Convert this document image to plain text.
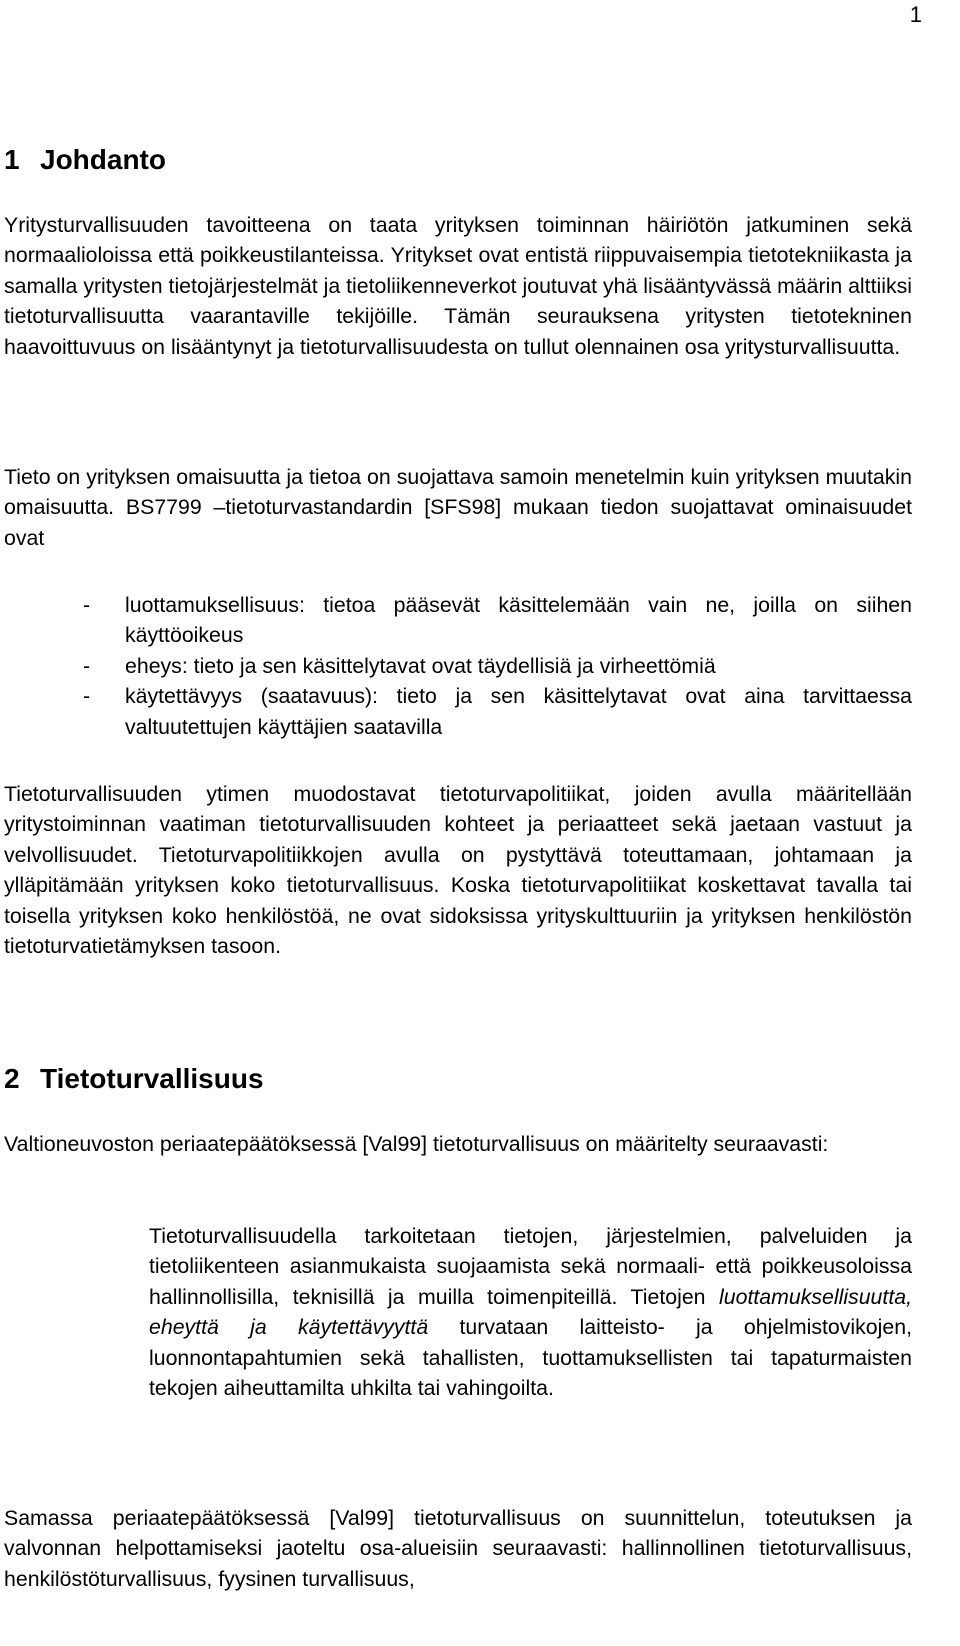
1
1 Johdanto

Yritysturvallisuuden tavoitteena on taata yrityksen toiminnan häiriötön jatkuminen sekä normaalioloissa että poikkeustilanteissa. Yritykset ovat entistä riippuvaisempia tietotekniikasta ja samalla yritysten tietojärjestelmät ja tietoliikenneverkot joutuvat yhä lisääntyvässä määrin alttiiksi tietoturvallisuutta vaarantaville tekijöille. Tämän seurauksena yritysten tietotekninen haavoittuvuus on lisääntynyt ja tietoturvallisuudesta on tullut olennainen osa yritysturvallisuutta.

Tieto on yrityksen omaisuutta ja tietoa on suojattava samoin menetelmin kuin yrityksen muutakin omaisuutta. BS7799 –tietoturvastandardin [SFS98] mukaan tiedon suojattavat ominaisuudet ovat

- luottamuksellisuus: tietoa pääsevät käsittelemään vain ne, joilla on siihen käyttöoikeus
- eheys: tieto ja sen käsittelytavat ovat täydellisiä ja virheettömiä
- käytettävyys (saatavuus): tieto ja sen käsittelytavat ovat aina tarvittaessa valtuutettujen käyttäjien saatavilla

Tietoturvallisuuden ytimen muodostavat tietoturvapolitiikat, joiden avulla määritellään yritystoiminnan vaatiman tietoturvallisuuden kohteet ja periaatteet sekä jaetaan vastuut ja velvollisuudet. Tietoturvapolitiikkojen avulla on pystyttävä toteuttamaan, johtamaan ja ylläpitämään yrityksen koko tietoturvallisuus. Koska tietoturvapolitiikat koskettavat tavalla tai toisella yrityksen koko henkilöstöä, ne ovat sidoksissa yrityskulttuuriin ja yrityksen henkilöstön tietoturvatietämyksen tasoon.

2 Tietoturvallisuus

Valtioneuvoston periaatepäätöksessä [Val99] tietoturvallisuus on määritelty seuraavasti:

Tietoturvallisuudella tarkoitetaan tietojen, järjestelmien, palveluiden ja tietoliikenteen asianmukaista suojaamista sekä normaali- että poikkeusoloissa hallinnollisilla, teknisillä ja muilla toimenpiteillä. Tietojen luottamuksellisuutta, eheyttä ja käytettävyyttä turvataan laitteisto- ja ohjelmistovikojen, luonnontapahtumien sekä tahallisten, tuottamuksellisten tai tapaturmaisten tekojen aiheuttamilta uhkilta tai vahingoilta.

Samassa periaatepäätöksessä [Val99] tietoturvallisuus on suunnittelun, toteutuksen ja valvonnan helpottamiseksi jaoteltu osa-alueisiin seuraavasti: hallinnollinen tietoturvallisuus, henkilöstöturvallisuus, fyysinen turvallisuus,
